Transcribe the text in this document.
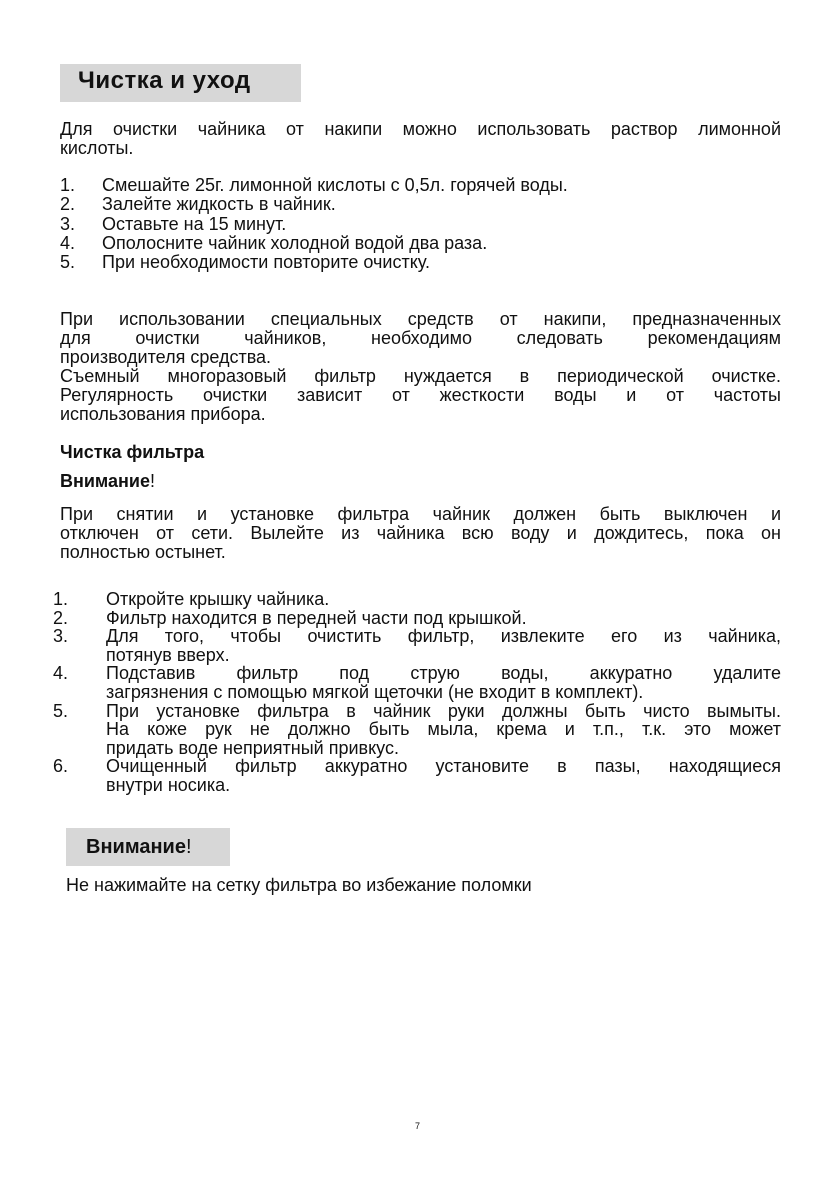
Чистка и уход

Для очистки чайника от накипи можно использовать раствор лимонной
кислоты.

1.	Смешайте 25г. лимонной кислоты с 0,5л. горячей воды.
2.	Залейте жидкость в чайник.
3.	Оставьте на 15 минут.
4.	Ополосните чайник холодной водой два раза.
5.	При необходимости повторите очистку.

При использовании специальных средств от накипи, предназначенных
для очистки чайников, необходимо следовать рекомендациям
производителя средства.
Съемный многоразовый фильтр нуждается в периодической очистке.
Регулярность очистки зависит от жесткости воды и от частоты
использования прибора.

Чистка фильтра
Внимание!

При снятии и установке фильтра чайник должен быть выключен и
отключен от сети. Вылейте из чайника всю воду и дождитесь, пока он
полностью остынет.

1.	Откройте крышку чайника.
2.	Фильтр находится в передней части под крышкой.
3.	Для того, чтобы очистить фильтр, извлеките его из чайника,
потянув вверх.
4.	Подставив фильтр под струю воды, аккуратно удалите
загрязнения с помощью мягкой щеточки (не входит в комплект).
5.	При установке фильтра в чайник руки должны быть чисто вымыты.
На коже рук не должно быть мыла, крема и т.п., т.к. это может
придать воде неприятный привкус.
6.	Очищенный фильтр аккуратно установите в пазы, находящиеся
внутри носика.
Внимание!
Не нажимайте на сетку фильтра во избежание поломки
7
